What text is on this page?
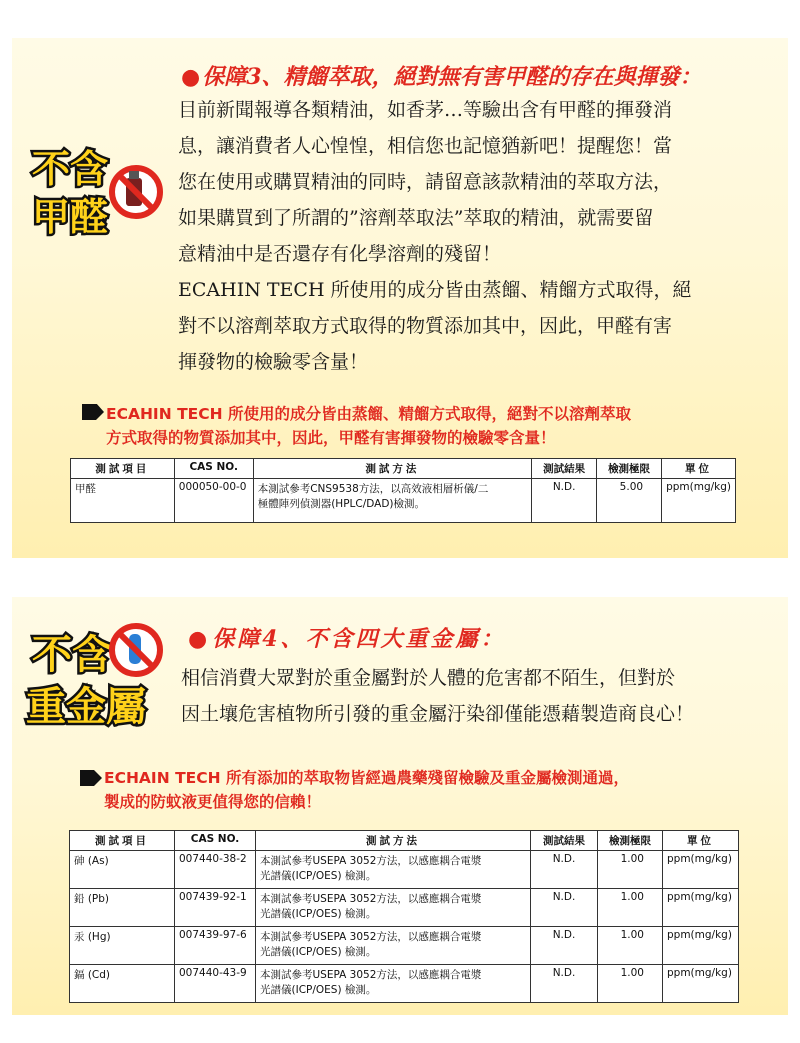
●保障3、精餾萃取，絕對無有害甲醛的存在與揮發：
不含
甲醛
目前新聞報導各類精油，如香茅…等驗出含有甲醛的揮發消
息，讓消費者人心惶惶，相信您也記憶猶新吧！提醒您！當
您在使用或購買精油的同時，請留意該款精油的萃取方法，
如果購買到了所謂的”溶劑萃取法”萃取的精油，就需要留
意精油中是否還存有化學溶劑的殘留！
ECAHIN TECH 所使用的成分皆由蒸餾、精餾方式取得，絕
對不以溶劑萃取方式取得的物質添加其中，因此，甲醛有害
揮發物的檢驗零含量！
ECAHIN TECH 所使用的成分皆由蒸餾、精餾方式取得，絕對不以溶劑萃取
方式取得的物質添加其中，因此，甲醛有害揮發物的檢驗零含量！
測試項目	CAS NO.	測試方法	測試結果	檢測極限	單位
甲醛	000050-00-0	本測試參考CNS9538方法，以高效液相層析儀/二
極體陣列偵測器(HPLC/DAD)檢測。	N.D.	5.00	ppm(mg/kg)
不含
重金屬
●保障4、不含四大重金屬：
相信消費大眾對於重金屬對於人體的危害都不陌生，但對於
因土壤危害植物所引發的重金屬汙染卻僅能憑藉製造商良心！
ECHAIN TECH 所有添加的萃取物皆經過農藥殘留檢驗及重金屬檢測通過，
製成的防蚊液更值得您的信賴！
測試項目	CAS NO.	測試方法	測試結果	檢測極限	單位
砷 (As)	007440-38-2	本測試參考USEPA 3052方法，以感應耦合電漿
光譜儀(ICP/OES) 檢測。	N.D.	1.00	ppm(mg/kg)
鉛 (Pb)	007439-92-1	本測試參考USEPA 3052方法，以感應耦合電漿
光譜儀(ICP/OES) 檢測。	N.D.	1.00	ppm(mg/kg)
汞 (Hg)	007439-97-6	本測試參考USEPA 3052方法，以感應耦合電漿
光譜儀(ICP/OES) 檢測。	N.D.	1.00	ppm(mg/kg)
鎘 (Cd)	007440-43-9	本測試參考USEPA 3052方法，以感應耦合電漿
光譜儀(ICP/OES) 檢測。	N.D.	1.00	ppm(mg/kg)
